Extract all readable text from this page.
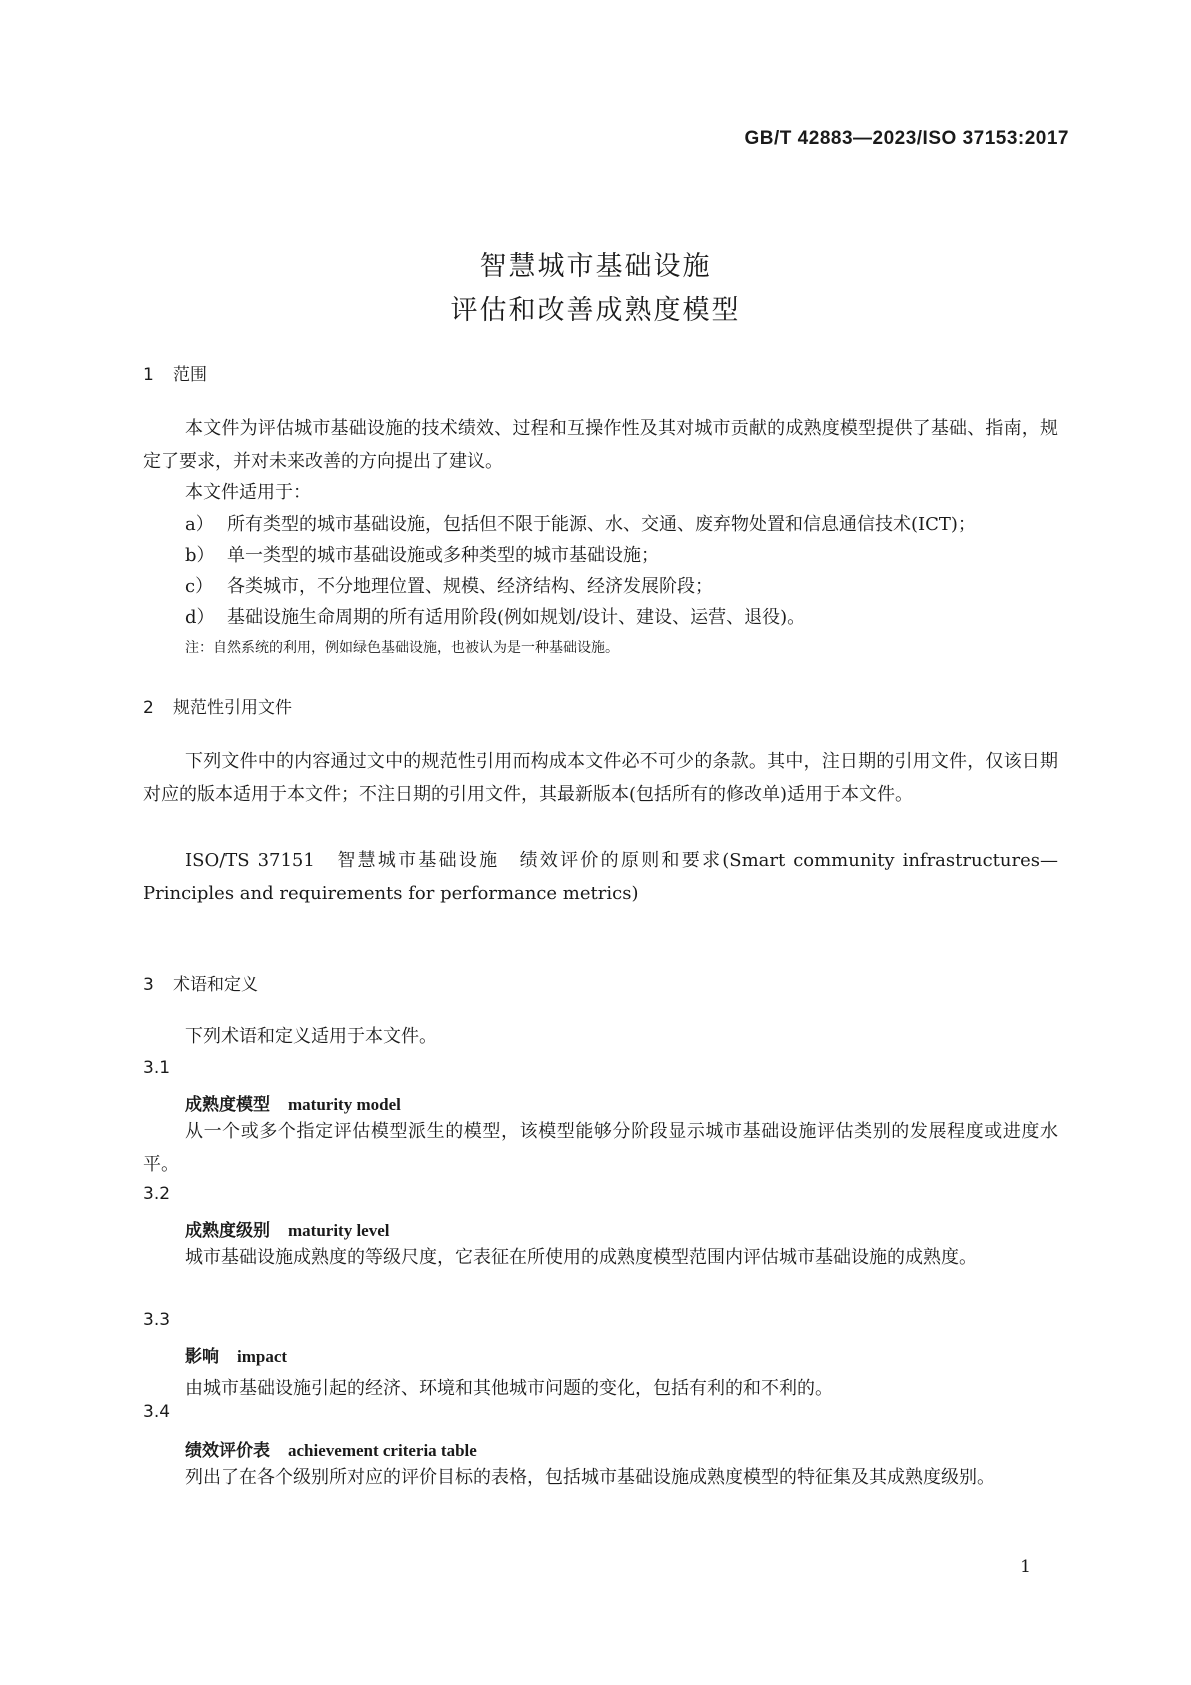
GB/T 42883—2023/ISO 37153:2017
智慧城市基础设施
评估和改善成熟度模型
1 范围
本文件为评估城市基础设施的技术绩效、过程和互操作性及其对城市贡献的成熟度模型提供了基础、指南，规定了要求，并对未来改善的方向提出了建议。
本文件适用于：
a） 所有类型的城市基础设施，包括但不限于能源、水、交通、废弃物处置和信息通信技术(ICT)；
b） 单一类型的城市基础设施或多种类型的城市基础设施；
c） 各类城市，不分地理位置、规模、经济结构、经济发展阶段；
d） 基础设施生命周期的所有适用阶段(例如规划/设计、建设、运营、退役)。
注：自然系统的利用，例如绿色基础设施，也被认为是一种基础设施。
2 规范性引用文件
下列文件中的内容通过文中的规范性引用而构成本文件必不可少的条款。其中，注日期的引用文件，仅该日期对应的版本适用于本文件；不注日期的引用文件，其最新版本(包括所有的修改单)适用于本文件。
ISO/TS 37151　智慧城市基础设施　绩效评价的原则和要求(Smart community infrastructures—Principles and requirements for performance metrics)
3 术语和定义
下列术语和定义适用于本文件。
3.1
成熟度模型 maturity model
从一个或多个指定评估模型派生的模型，该模型能够分阶段显示城市基础设施评估类别的发展程度或进度水平。
3.2
成熟度级别 maturity level
城市基础设施成熟度的等级尺度，它表征在所使用的成熟度模型范围内评估城市基础设施的成熟度。
3.3
影响 impact
由城市基础设施引起的经济、环境和其他城市问题的变化，包括有利的和不利的。
3.4
绩效评价表 achievement criteria table
列出了在各个级别所对应的评价目标的表格，包括城市基础设施成熟度模型的特征集及其成熟度级别。
1
